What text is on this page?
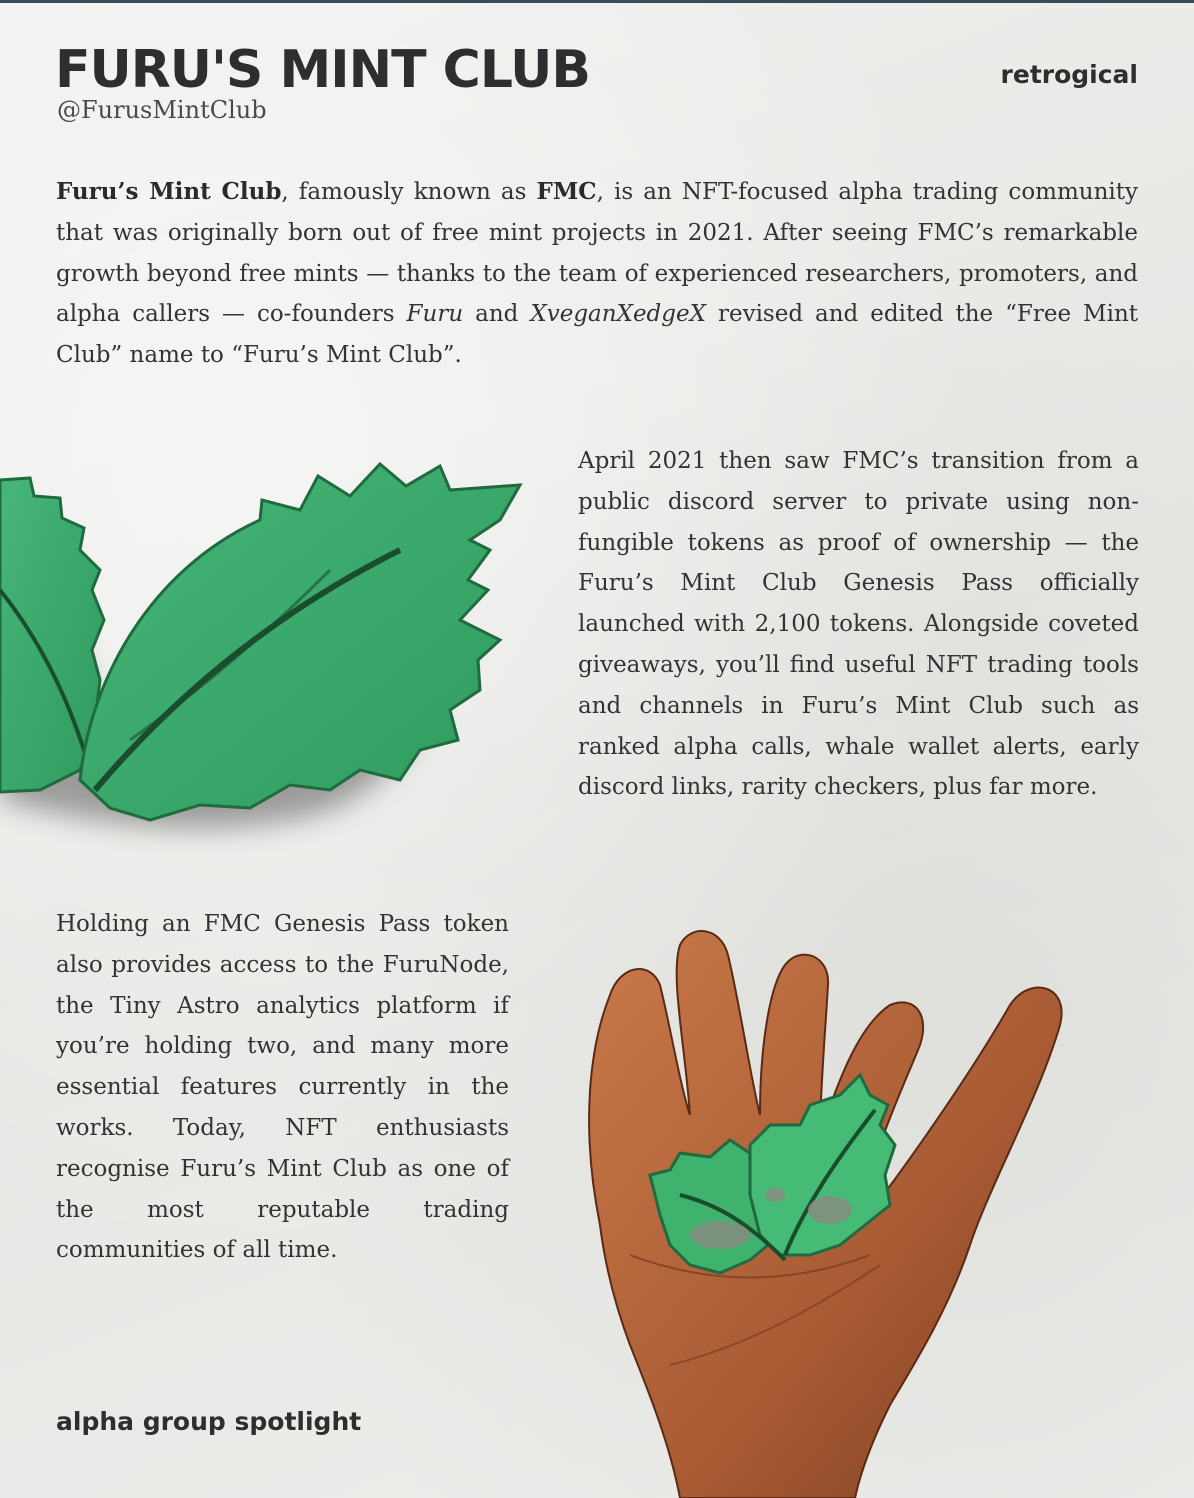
FURU'S MINT CLUB
@FurusMintClub
retrogical

Furu’s Mint Club, famously known as FMC, is an NFT-focused alpha trading community that was originally born out of free mint projects in 2021. After seeing FMC’s remarkable growth beyond free mints — thanks to the team of experienced researchers, promoters, and alpha callers — co-founders Furu and XveganXedgeX revised and edited the “Free Mint Club” name to “Furu’s Mint Club”.

April 2021 then saw FMC’s transition from a public discord server to private using non-fungible tokens as proof of ownership — the Furu’s Mint Club Genesis Pass officially launched with 2,100 tokens. Alongside coveted giveaways, you’ll find useful NFT trading tools and channels in Furu’s Mint Club such as ranked alpha calls, whale wallet alerts, early discord links, rarity checkers, plus far more.

Holding an FMC Genesis Pass token also provides access to the FuruNode, the Tiny Astro analytics platform if you’re holding two, and many more essential features currently in the works. Today, NFT enthusiasts recognise Furu’s Mint Club as one of the most reputable trading communities of all time.

alpha group spotlight
